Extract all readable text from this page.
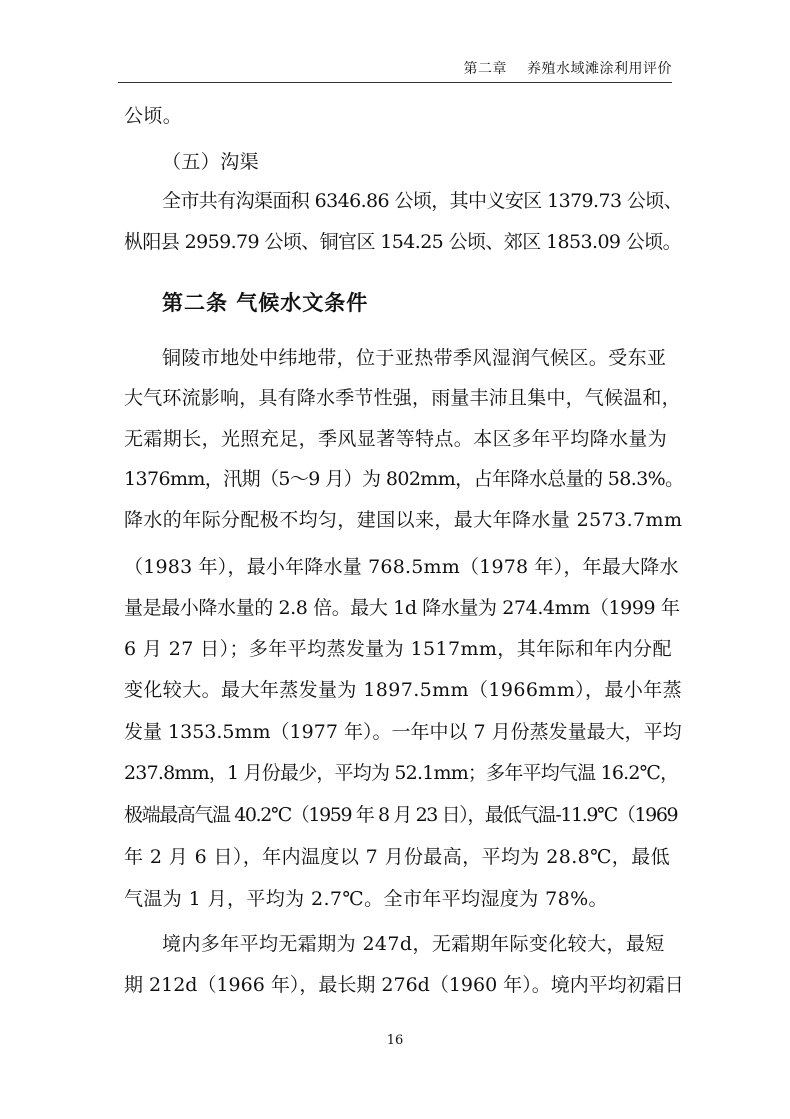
第二章 养殖水域滩涂利用评价
公顷。
（五）沟渠
全市共有沟渠面积 6346.86 公顷，其中义安区 1379.73 公顷、
枞阳县 2959.79 公顷、铜官区 154.25 公顷、郊区 1853.09 公顷。
第二条 气候水文条件
铜陵市地处中纬地带，位于亚热带季风湿润气候区。受东亚
大气环流影响，具有降水季节性强，雨量丰沛且集中，气候温和，
无霜期长，光照充足，季风显著等特点。本区多年平均降水量为
1376mm，汛期（5～9 月）为 802mm，占年降水总量的 58.3%。
降水的年际分配极不均匀，建国以来，最大年降水量 2573.7mm
（1983 年），最小年降水量 768.5mm（1978 年），年最大降水
量是最小降水量的 2.8 倍。最大 1d 降水量为 274.4mm（1999 年
6 月 27 日）；多年平均蒸发量为 1517mm，其年际和年内分配
变化较大。最大年蒸发量为 1897.5mm（1966mm），最小年蒸
发量 1353.5mm（1977 年）。一年中以 7 月份蒸发量最大，平均
237.8mm，1 月份最少，平均为 52.1mm；多年平均气温 16.2℃，
极端最高气温 40.2℃（1959 年 8 月 23 日），最低气温-11.9℃（1969
年 2 月 6 日），年内温度以 7 月份最高，平均为 28.8℃，最低
气温为 1 月，平均为 2.7℃。全市年平均湿度为 78%。
境内多年平均无霜期为 247d，无霜期年际变化较大，最短
期 212d（1966 年），最长期 276d（1960 年）。境内平均初霜日
16
